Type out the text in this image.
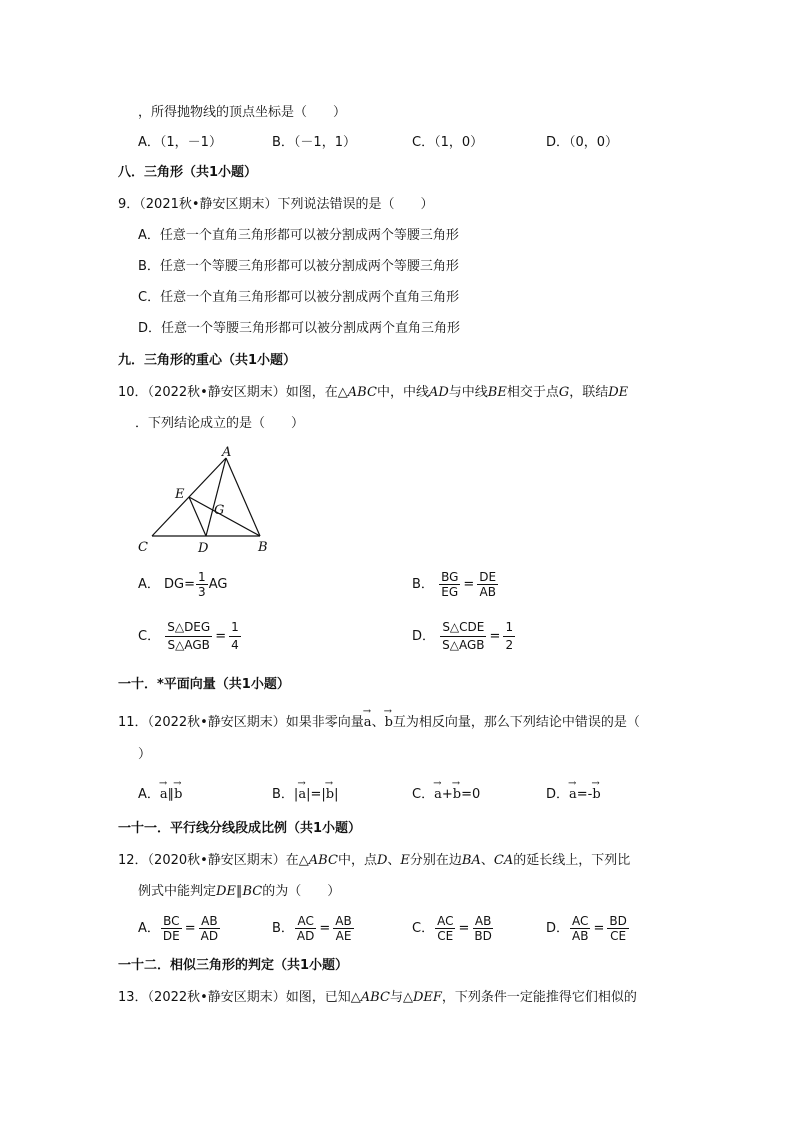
，所得抛物线的顶点坐标是（　　）
A．（1，－1）	B．（－1，1）	C．（1，0）	D．（0，0）
八．三角形（共1小题）
9．（2021秋•静安区期末）下列说法错误的是（　　）
A．任意一个直角三角形都可以被分割成两个等腰三角形
B．任意一个等腰三角形都可以被分割成两个等腰三角形
C．任意一个直角三角形都可以被分割成两个直角三角形
D．任意一个等腰三角形都可以被分割成两个直角三角形
九．三角形的重心（共1小题）
10．（2022秋•静安区期末）如图，在△ABC中，中线AD与中线BE相交于点G，联结DE
．下列结论成立的是（　　）
A
C	B
D
E
G
A． $DG= \frac{1}{3}$ AG	B． $\frac{BG}{EG} = \frac{DE}{AB}$
C． $\frac{\text{S△DEG}}{\text{S△AGB}} = \frac{1}{4}$	D． $\frac{\text{S△CDE}}{\text{S△AGB}} = \frac{1}{2}$
一十．*平面向量（共1小题）
11．（2022秋•静安区期末）如果非零向量→ a、→ b互为相反向量，那么下列结论中错误的是（
）
A．→ a∥→ b	B．|→ a|=|→ b|	C．→ a+→ b=0	D．→ a=-→ b
一十一．平行线分线段成比例（共1小题）
12．（2020秋•静安区期末）在△ABC中，点D、E分别在边BA、CA的延长线上，下列比
例式中能判定DE∥BC的为（　　）
A． $\frac{BC}{DE} = \frac{AB}{AD}$	B． $\frac{AC}{AD} = \frac{AB}{AE}$	C． $\frac{AC}{CE} = \frac{AB}{BD}$	D． $\frac{AC}{AB} = \frac{BD}{CE}$
一十二．相似三角形的判定（共1小题）
13．（2022秋•静安区期末）如图，已知△ABC与△DEF，下列条件一定能推得它们相似的
